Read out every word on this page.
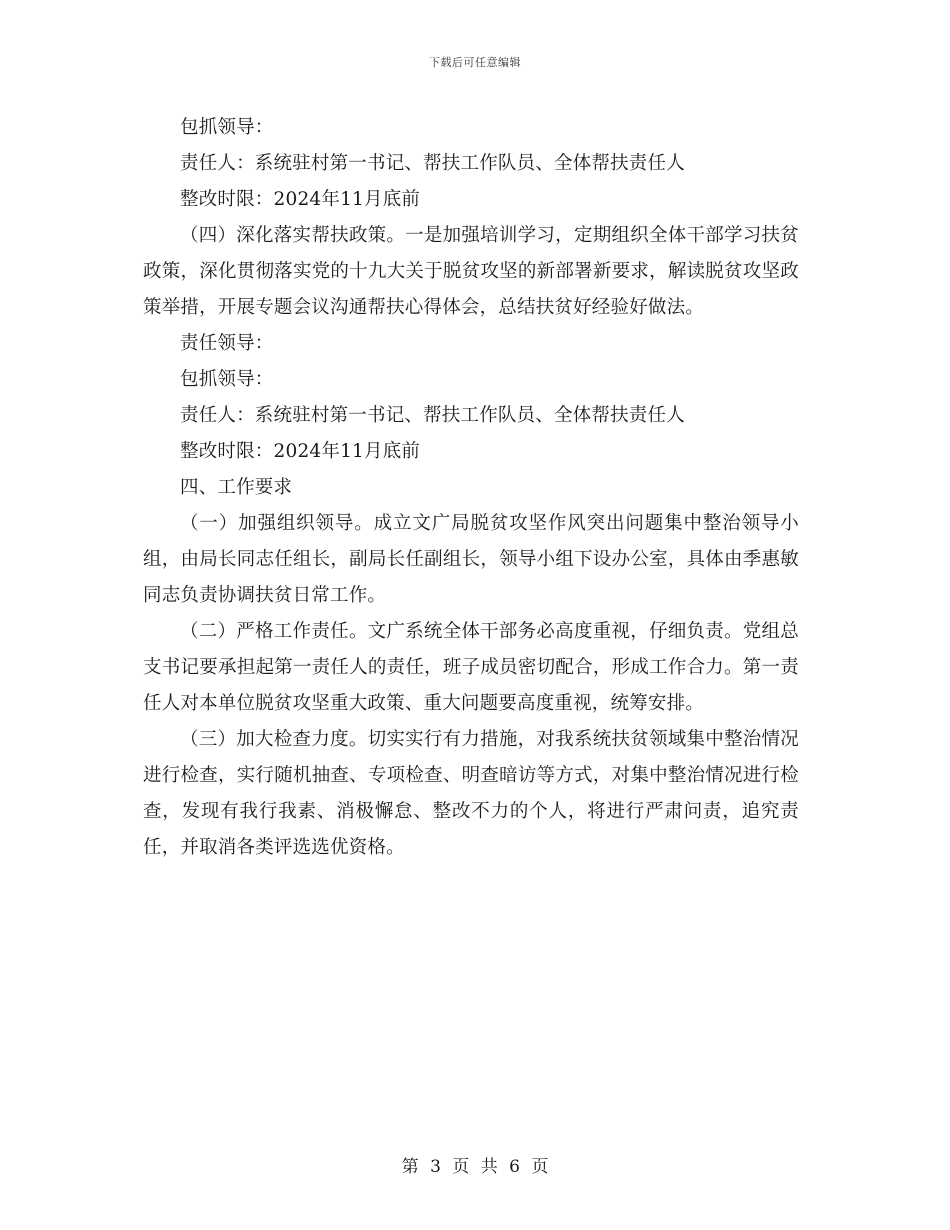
下载后可任意编辑

包抓领导：

责任人：系统驻村第一书记、帮扶工作队员、全体帮扶责任人

整改时限：2024年11月底前

（四）深化落实帮扶政策。一是加强培训学习，定期组织全体干部学习扶贫政策，深化贯彻落实党的十九大关于脱贫攻坚的新部署新要求，解读脱贫攻坚政策举措，开展专题会议沟通帮扶心得体会，总结扶贫好经验好做法。

责任领导：

包抓领导：

责任人：系统驻村第一书记、帮扶工作队员、全体帮扶责任人

整改时限：2024年11月底前

四、工作要求

（一）加强组织领导。成立文广局脱贫攻坚作风突出问题集中整治领导小组，由局长同志任组长，副局长任副组长，领导小组下设办公室，具体由季惠敏同志负责协调扶贫日常工作。

（二）严格工作责任。文广系统全体干部务必高度重视，仔细负责。党组总支书记要承担起第一责任人的责任，班子成员密切配合，形成工作合力。第一责任人对本单位脱贫攻坚重大政策、重大问题要高度重视，统筹安排。

（三）加大检查力度。切实实行有力措施，对我系统扶贫领域集中整治情况进行检查，实行随机抽查、专项检查、明查暗访等方式，对集中整治情况进行检查，发现有我行我素、消极懈怠、整改不力的个人，将进行严肃问责，追究责任，并取消各类评选选优资格。

第 3 页 共 6 页
